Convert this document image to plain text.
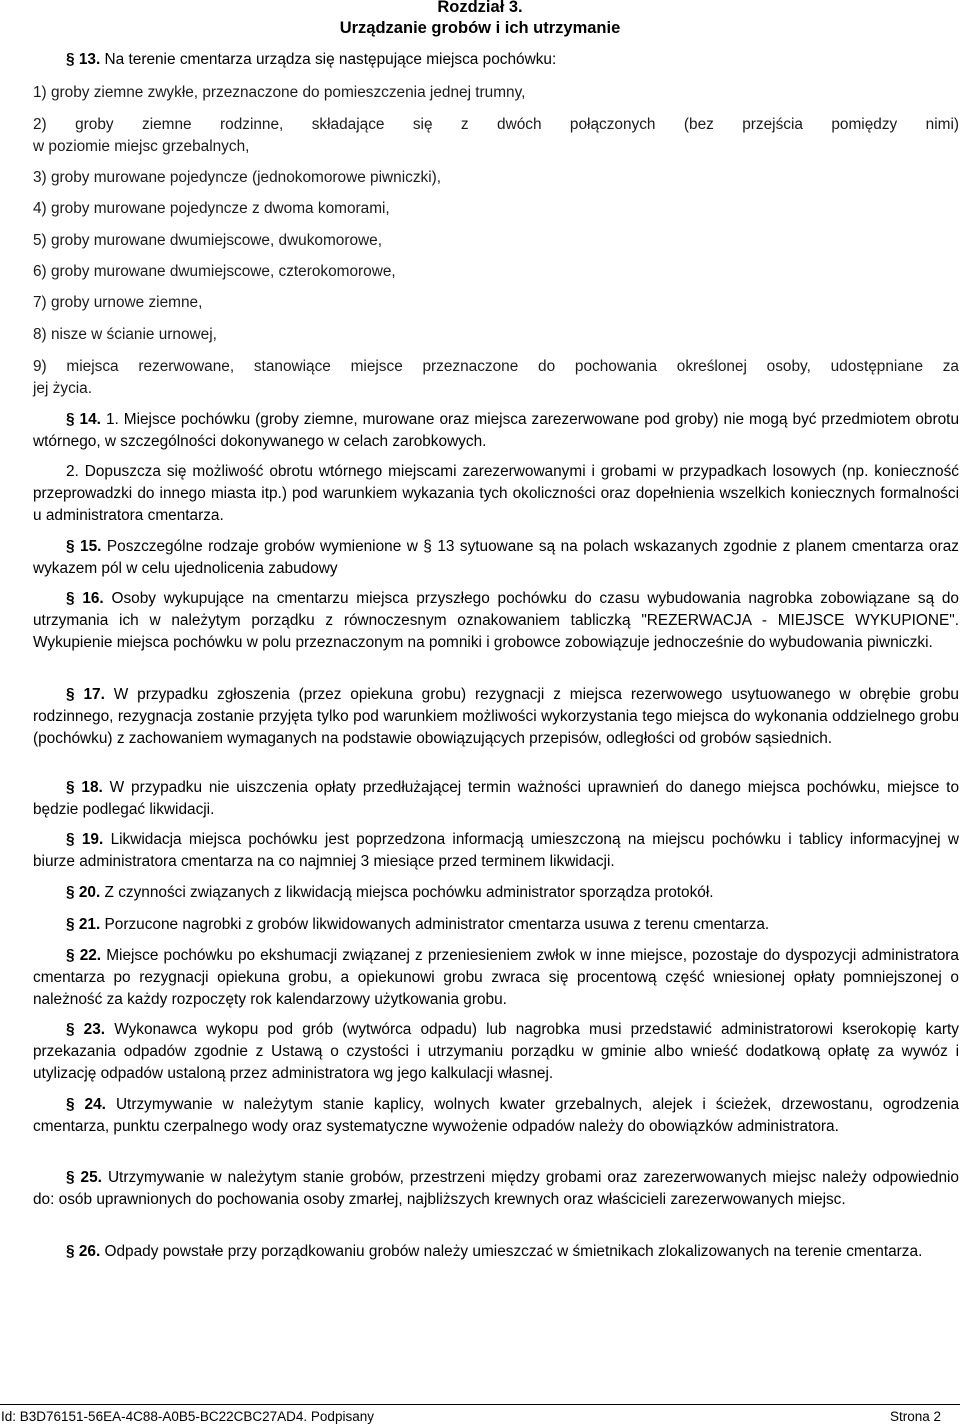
Rozdział 3.
Urządzanie grobów i ich utrzymanie
§ 13. Na terenie cmentarza urządza się następujące miejsca pochówku:
1) groby ziemne zwykłe, przeznaczone do pomieszczenia jednej trumny,
2) groby ziemne rodzinne, składające się z dwóch połączonych (bez przejścia pomiędzy nimi)
w poziomie miejsc grzebalnych,
3) groby murowane pojedyncze (jednokomorowe piwniczki),
4) groby murowane pojedyncze z dwoma komorami,
5) groby murowane dwumiejscowe, dwukomorowe,
6) groby murowane dwumiejscowe, czterokomorowe,
7) groby urnowe ziemne,
8) nisze w ścianie urnowej,
9) miejsca rezerwowane, stanowiące miejsce przeznaczone do pochowania określonej osoby, udostępniane za
jej życia.
§ 14. 1. Miejsce pochówku (groby ziemne, murowane oraz miejsca zarezerwowane pod groby) nie mogą być przedmiotem obrotu wtórnego, w szczególności dokonywanego w celach zarobkowych.
2. Dopuszcza się możliwość obrotu wtórnego miejscami zarezerwowanymi i grobami w przypadkach losowych (np. konieczność przeprowadzki do innego miasta itp.) pod warunkiem wykazania tych okoliczności oraz dopełnienia wszelkich koniecznych formalności u administratora cmentarza.
§ 15. Poszczególne rodzaje grobów wymienione w § 13 sytuowane są na polach wskazanych zgodnie z planem cmentarza oraz wykazem pól w celu ujednolicenia zabudowy
§ 16. Osoby wykupujące na cmentarzu miejsca przyszłego pochówku do czasu wybudowania nagrobka zobowiązane są do utrzymania ich w należytym porządku z równoczesnym oznakowaniem tabliczką "REZERWACJA - MIEJSCE WYKUPIONE". Wykupienie miejsca pochówku w polu przeznaczonym na pomniki i grobowce zobowiązuje jednocześnie do wybudowania piwniczki.
§ 17. W przypadku zgłoszenia (przez opiekuna grobu) rezygnacji z miejsca rezerwowego usytuowanego w obrębie grobu rodzinnego, rezygnacja zostanie przyjęta tylko pod warunkiem możliwości wykorzystania tego miejsca do wykonania oddzielnego grobu (pochówku) z zachowaniem wymaganych na podstawie obowiązujących przepisów, odległości od grobów sąsiednich.
§ 18. W przypadku nie uiszczenia opłaty przedłużającej termin ważności uprawnień do danego miejsca pochówku, miejsce to będzie podlegać likwidacji.
§ 19. Likwidacja miejsca pochówku jest poprzedzona informacją umieszczoną na miejscu pochówku i tablicy informacyjnej w biurze administratora cmentarza na co najmniej 3 miesiące przed terminem likwidacji.
§ 20. Z czynności związanych z likwidacją miejsca pochówku administrator sporządza protokół.
§ 21. Porzucone nagrobki z grobów likwidowanych administrator cmentarza usuwa z terenu cmentarza.
§ 22. Miejsce pochówku po ekshumacji związanej z przeniesieniem zwłok w inne miejsce, pozostaje do dyspozycji administratora cmentarza po rezygnacji opiekuna grobu, a opiekunowi grobu zwraca się procentową część wniesionej opłaty pomniejszonej o należność za każdy rozpoczęty rok kalendarzowy użytkowania grobu.
§ 23. Wykonawca wykopu pod grób (wytwórca odpadu) lub nagrobka musi przedstawić administratorowi kserokopię karty przekazania odpadów zgodnie z Ustawą o czystości i utrzymaniu porządku w gminie albo wnieść dodatkową opłatę za wywóz i utylizację odpadów ustaloną przez administratora wg jego kalkulacji własnej.
§ 24. Utrzymywanie w należytym stanie kaplicy, wolnych kwater grzebalnych, alejek i ścieżek, drzewostanu, ogrodzenia cmentarza, punktu czerpalnego wody oraz systematyczne wywożenie odpadów należy do obowiązków administratora.
§ 25. Utrzymywanie w należytym stanie grobów, przestrzeni między grobami oraz zarezerwowanych miejsc należy odpowiednio do: osób uprawnionych do pochowania osoby zmarłej, najbliższych krewnych oraz właścicieli zarezerwowanych miejsc.
§ 26. Odpady powstałe przy porządkowaniu grobów należy umieszczać w śmietnikach zlokalizowanych na terenie cmentarza.
Id: B3D76151-56EA-4C88-A0B5-BC22CBC27AD4. Podpisany	Strona 2
